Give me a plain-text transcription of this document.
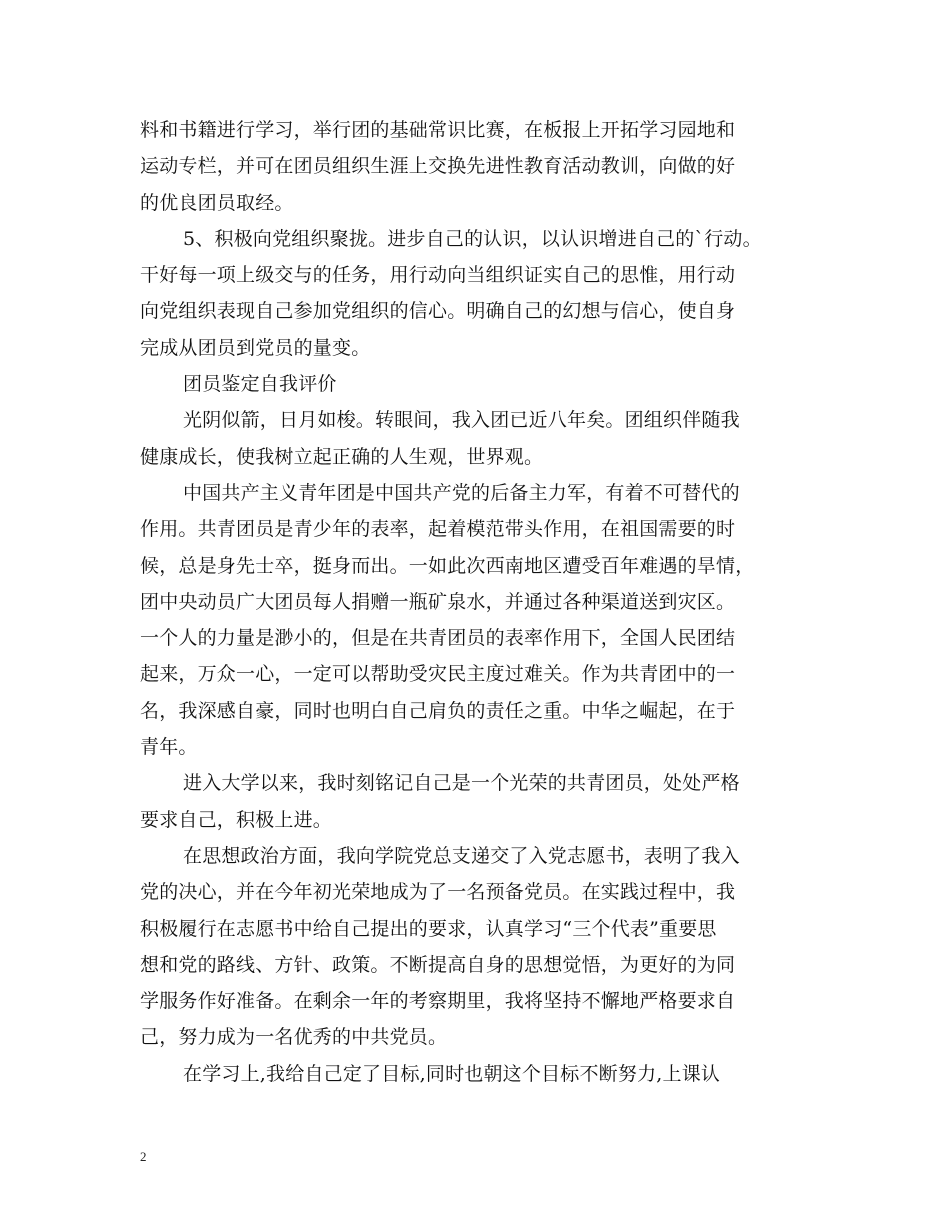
料和书籍进行学习，举行团的基础常识比赛，在板报上开拓学习园地和
运动专栏，并可在团员组织生涯上交换先进性教育活动教训，向做的好
的优良团员取经。
5、积极向党组织聚拢。进步自己的认识，以认识增进自己的`行动。
干好每一项上级交与的任务，用行动向当组织证实自己的思惟，用行动
向党组织表现自己参加党组织的信心。明确自己的幻想与信心，使自身
完成从团员到党员的量变。
团员鉴定自我评价
光阴似箭，日月如梭。转眼间，我入团已近八年矣。团组织伴随我
健康成长，使我树立起正确的人生观，世界观。
中国共产主义青年团是中国共产党的后备主力军，有着不可替代的
作用。共青团员是青少年的表率，起着模范带头作用，在祖国需要的时
候，总是身先士卒，挺身而出。一如此次西南地区遭受百年难遇的旱情，
团中央动员广大团员每人捐赠一瓶矿泉水，并通过各种渠道送到灾区。
一个人的力量是渺小的，但是在共青团员的表率作用下，全国人民团结
起来，万众一心，一定可以帮助受灾民主度过难关。作为共青团中的一
名，我深感自豪，同时也明白自己肩负的责任之重。中华之崛起，在于
青年。
进入大学以来，我时刻铭记自己是一个光荣的共青团员，处处严格
要求自己，积极上进。
在思想政治方面，我向学院党总支递交了入党志愿书，表明了我入
党的决心，并在今年初光荣地成为了一名预备党员。在实践过程中，我
积极履行在志愿书中给自己提出的要求，认真学习“三个代表”重要思
想和党的路线、方针、政策。不断提高自身的思想觉悟，为更好的为同
学服务作好准备。在剩余一年的考察期里，我将坚持不懈地严格要求自
己，努力成为一名优秀的中共党员。
在学习上,我给自己定了目标,同时也朝这个目标不断努力,上课认
2
